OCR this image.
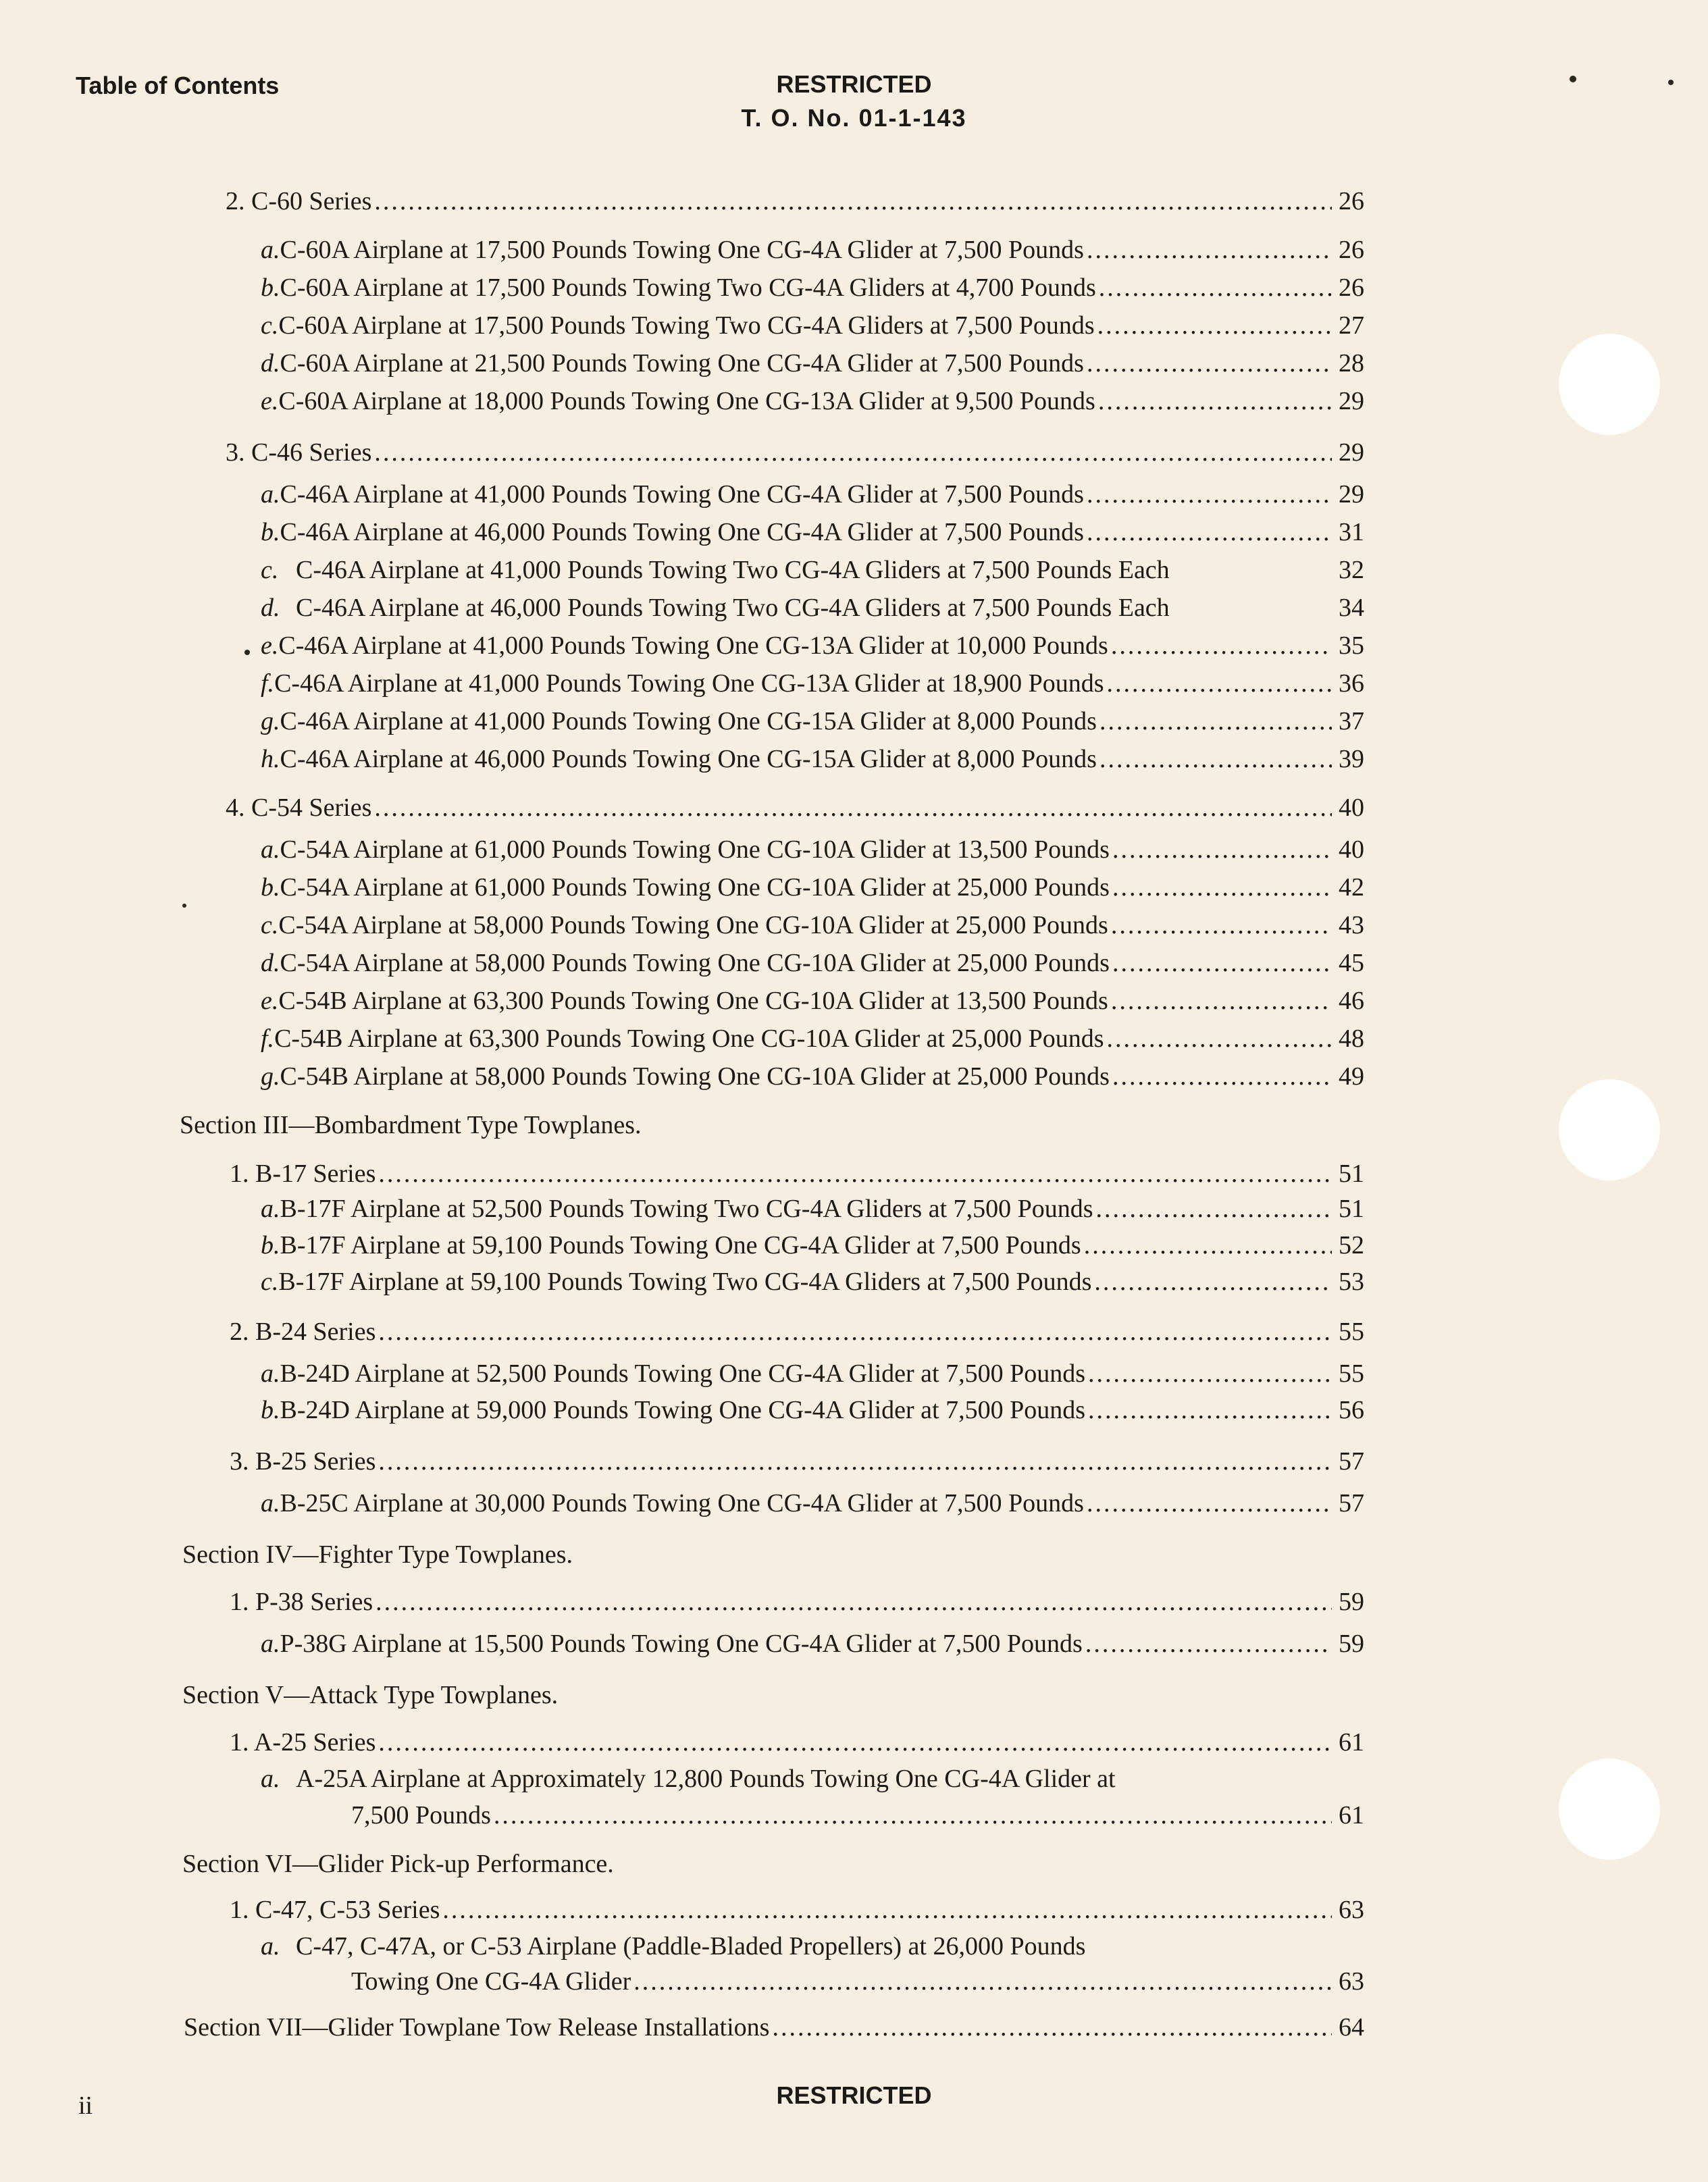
Table of Contents	RESTRICTED
T. O. No. 01-1-143
2. C-60 Series .....	26
a. C-60A Airplane at 17,500 Pounds Towing One CG-4A Glider at 7,500 Pounds .....	26
b. C-60A Airplane at 17,500 Pounds Towing Two CG-4A Gliders at 4,700 Pounds .....	26
c. C-60A Airplane at 17,500 Pounds Towing Two CG-4A Gliders at 7,500 Pounds .....	27
d. C-60A Airplane at 21,500 Pounds Towing One CG-4A Glider at 7,500 Pounds .....	28
e. C-60A Airplane at 18,000 Pounds Towing One CG-13A Glider at 9,500 Pounds .....	29
3. C-46 Series .....	29
a. C-46A Airplane at 41,000 Pounds Towing One CG-4A Glider at 7,500 Pounds .....	29
b. C-46A Airplane at 46,000 Pounds Towing One CG-4A Glider at 7,500 Pounds .....	31
c. C-46A Airplane at 41,000 Pounds Towing Two CG-4A Gliders at 7,500 Pounds Each	32
d. C-46A Airplane at 46,000 Pounds Towing Two CG-4A Gliders at 7,500 Pounds Each	34
e. C-46A Airplane at 41,000 Pounds Towing One CG-13A Glider at 10,000 Pounds .....	35
f. C-46A Airplane at 41,000 Pounds Towing One CG-13A Glider at 18,900 Pounds .....	36
g. C-46A Airplane at 41,000 Pounds Towing One CG-15A Glider at 8,000 Pounds .....	37
h. C-46A Airplane at 46,000 Pounds Towing One CG-15A Glider at 8,000 Pounds .....	39
4. C-54 Series .....	40
a. C-54A Airplane at 61,000 Pounds Towing One CG-10A Glider at 13,500 Pounds .....	40
b. C-54A Airplane at 61,000 Pounds Towing One CG-10A Glider at 25,000 Pounds .....	42
c. C-54A Airplane at 58,000 Pounds Towing One CG-10A Glider at 25,000 Pounds .....	43
d. C-54A Airplane at 58,000 Pounds Towing One CG-10A Glider at 25,000 Pounds .....	45
e. C-54B Airplane at 63,300 Pounds Towing One CG-10A Glider at 13,500 Pounds .....	46
f. C-54B Airplane at 63,300 Pounds Towing One CG-10A Glider at 25,000 Pounds .....	48
g. C-54B Airplane at 58,000 Pounds Towing One CG-10A Glider at 25,000 Pounds .....	49
Section III—Bombardment Type Towplanes.
1. B-17 Series .....	51
a. B-17F Airplane at 52,500 Pounds Towing Two CG-4A Gliders at 7,500 Pounds .....	51
b. B-17F Airplane at 59,100 Pounds Towing One CG-4A Glider at 7,500 Pounds .....	52
c. B-17F Airplane at 59,100 Pounds Towing Two CG-4A Gliders at 7,500 Pounds .....	53
2. B-24 Series .....	55
a. B-24D Airplane at 52,500 Pounds Towing One CG-4A Glider at 7,500 Pounds .....	55
b. B-24D Airplane at 59,000 Pounds Towing One CG-4A Glider at 7,500 Pounds .....	56
3. B-25 Series .....	57
a. B-25C Airplane at 30,000 Pounds Towing One CG-4A Glider at 7,500 Pounds .....	57
Section IV—Fighter Type Towplanes.
1. P-38 Series .....	59
a. P-38G Airplane at 15,500 Pounds Towing One CG-4A Glider at 7,500 Pounds .....	59
Section V—Attack Type Towplanes.
1. A-25 Series .....	61
a. A-25A Airplane at Approximately 12,800 Pounds Towing One CG-4A Glider at
7,500 Pounds .....	61
Section VI—Glider Pick-up Performance.
1. C-47, C-53 Series .....	63
a. C-47, C-47A, or C-53 Airplane (Paddle-Bladed Propellers) at 26,000 Pounds
Towing One CG-4A Glider .....	63
Section VII—Glider Towplane Tow Release Installations .....	64
ii	RESTRICTED
